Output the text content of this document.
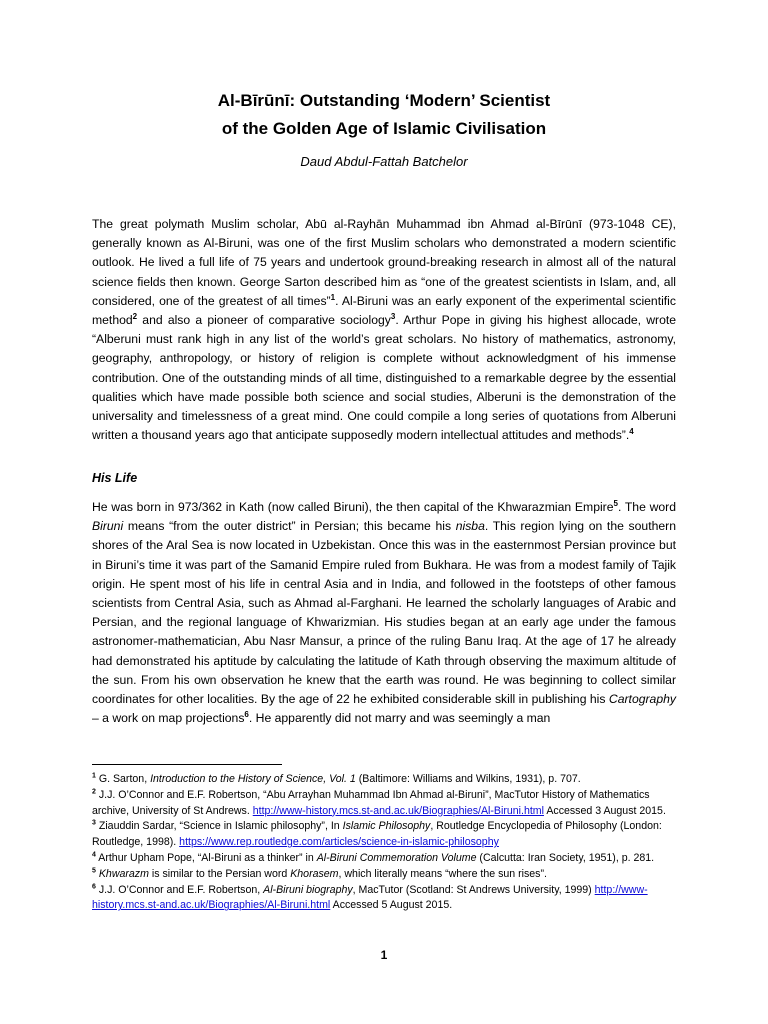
Al-Bīrūnī: Outstanding ‘Modern’ Scientist
of the Golden Age of Islamic Civilisation
Daud Abdul-Fattah Batchelor

The great polymath Muslim scholar, Abū al-Rayhān Muhammad ibn Ahmad al-Bīrūnī (973-1048 CE), generally known as Al-Biruni, was one of the first Muslim scholars who demonstrated a modern scientific outlook. He lived a full life of 75 years and undertook ground-breaking research in almost all of the natural science fields then known. George Sarton described him as “one of the greatest scientists in Islam, and, all considered, one of the greatest of all times”$^1$. Al-Biruni was an early exponent of the experimental scientific method$^2$ and also a pioneer of comparative sociology$^3$. Arthur Pope in giving his highest allocade, wrote “Alberuni must rank high in any list of the world’s great scholars. No history of mathematics, astronomy, geography, anthropology, or history of religion is complete without acknowledgment of his immense contribution. One of the outstanding minds of all time, distinguished to a remarkable degree by the essential qualities which have made possible both science and social studies, Alberuni is the demonstration of the universality and timelessness of a great mind. One could compile a long series of quotations from Alberuni written a thousand years ago that anticipate supposedly modern intellectual attitudes and methods”.$^4$

His Life

He was born in 973/362 in Kath (now called Biruni), the then capital of the Khwarazmian Empire$^5$. The word Biruni means “from the outer district” in Persian; this became his nisba. This region lying on the southern shores of the Aral Sea is now located in Uzbekistan. Once this was in the easternmost Persian province but in Biruni’s time it was part of the Samanid Empire ruled from Bukhara. He was from a modest family of Tajik origin. He spent most of his life in central Asia and in India, and followed in the footsteps of other famous scientists from Central Asia, such as Ahmad al-Farghani. He learned the scholarly languages of Arabic and Persian, and the regional language of Khwarizmian. His studies began at an early age under the famous astronomer-mathematician, Abu Nasr Mansur, a prince of the ruling Banu Iraq. At the age of 17 he already had demonstrated his aptitude by calculating the latitude of Kath through observing the maximum altitude of the sun. From his own observation he knew that the earth was round. He was beginning to collect similar coordinates for other localities. By the age of 22 he exhibited considerable skill in publishing his Cartography – a work on map projections$^6$. He apparently did not marry and was seemingly a man

$^1$ G. Sarton, Introduction to the History of Science, Vol. 1 (Baltimore: Williams and Wilkins, 1931), p. 707.

$^2$ J.J. O’Connor and E.F. Robertson, “Abu Arrayhan Muhammad Ibn Ahmad al-Biruni”, MacTutor History of Mathematics archive, University of St Andrews. http://www-history.mcs.st-and.ac.uk/Biographies/Al-Biruni.html Accessed 3 August 2015.

$^3$ Ziauddin Sardar, “Science in Islamic philosophy”, In Islamic Philosophy, Routledge Encyclopedia of Philosophy (London: Routledge, 1998). https://www.rep.routledge.com/articles/science-in-islamic-philosophy

$^4$ Arthur Upham Pope, “Al-Biruni as a thinker” in Al-Biruni Commemoration Volume (Calcutta: Iran Society, 1951), p. 281.

$^5$ Khwarazm is similar to the Persian word Khorasem, which literally means “where the sun rises”.

$^6$ J.J. O’Connor and E.F. Robertson, Al-Biruni biography, MacTutor (Scotland: St Andrews University, 1999) http://www-history.mcs.st-and.ac.uk/Biographies/Al-Biruni.html Accessed 5 August 2015.

1
